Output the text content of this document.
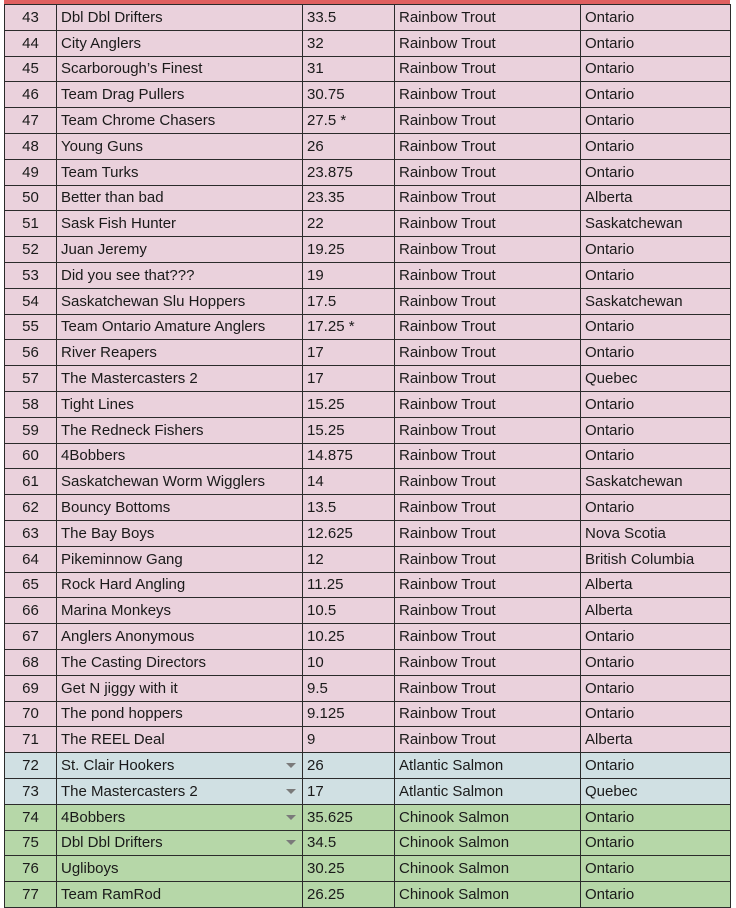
43	Dbl Dbl Drifters	33.5	Rainbow Trout	Ontario
44	City Anglers	32	Rainbow Trout	Ontario
45	Scarborough’s Finest	31	Rainbow Trout	Ontario
46	Team Drag Pullers	30.75	Rainbow Trout	Ontario
47	Team Chrome Chasers	27.5 *	Rainbow Trout	Ontario
48	Young Guns	26	Rainbow Trout	Ontario
49	Team Turks	23.875	Rainbow Trout	Ontario
50	Better than bad	23.35	Rainbow Trout	Alberta
51	Sask Fish Hunter	22	Rainbow Trout	Saskatchewan
52	Juan Jeremy	19.25	Rainbow Trout	Ontario
53	Did you see that???	19	Rainbow Trout	Ontario
54	Saskatchewan Slu Hoppers	17.5	Rainbow Trout	Saskatchewan
55	Team Ontario Amature Anglers	17.25 *	Rainbow Trout	Ontario
56	River Reapers	17	Rainbow Trout	Ontario
57	The Mastercasters 2	17	Rainbow Trout	Quebec
58	Tight Lines	15.25	Rainbow Trout	Ontario
59	The Redneck Fishers	15.25	Rainbow Trout	Ontario
60	4Bobbers	14.875	Rainbow Trout	Ontario
61	Saskatchewan Worm Wigglers	14	Rainbow Trout	Saskatchewan
62	Bouncy Bottoms	13.5	Rainbow Trout	Ontario
63	The Bay Boys	12.625	Rainbow Trout	Nova Scotia
64	Pikeminnow Gang	12	Rainbow Trout	British Columbia
65	Rock Hard Angling	11.25	Rainbow Trout	Alberta
66	Marina Monkeys	10.5	Rainbow Trout	Alberta
67	Anglers Anonymous	10.25	Rainbow Trout	Ontario
68	The Casting Directors	10	Rainbow Trout	Ontario
69	Get N jiggy with it	9.5	Rainbow Trout	Ontario
70	The pond hoppers	9.125	Rainbow Trout	Ontario
71	The REEL Deal	9	Rainbow Trout	Alberta
72	St. Clair Hookers	26	Atlantic Salmon	Ontario
73	The Mastercasters 2	17	Atlantic Salmon	Quebec
74	4Bobbers	35.625	Chinook Salmon	Ontario
75	Dbl Dbl Drifters	34.5	Chinook Salmon	Ontario
76	Ugliboys	30.25	Chinook Salmon	Ontario
77	Team RamRod	26.25	Chinook Salmon	Ontario
